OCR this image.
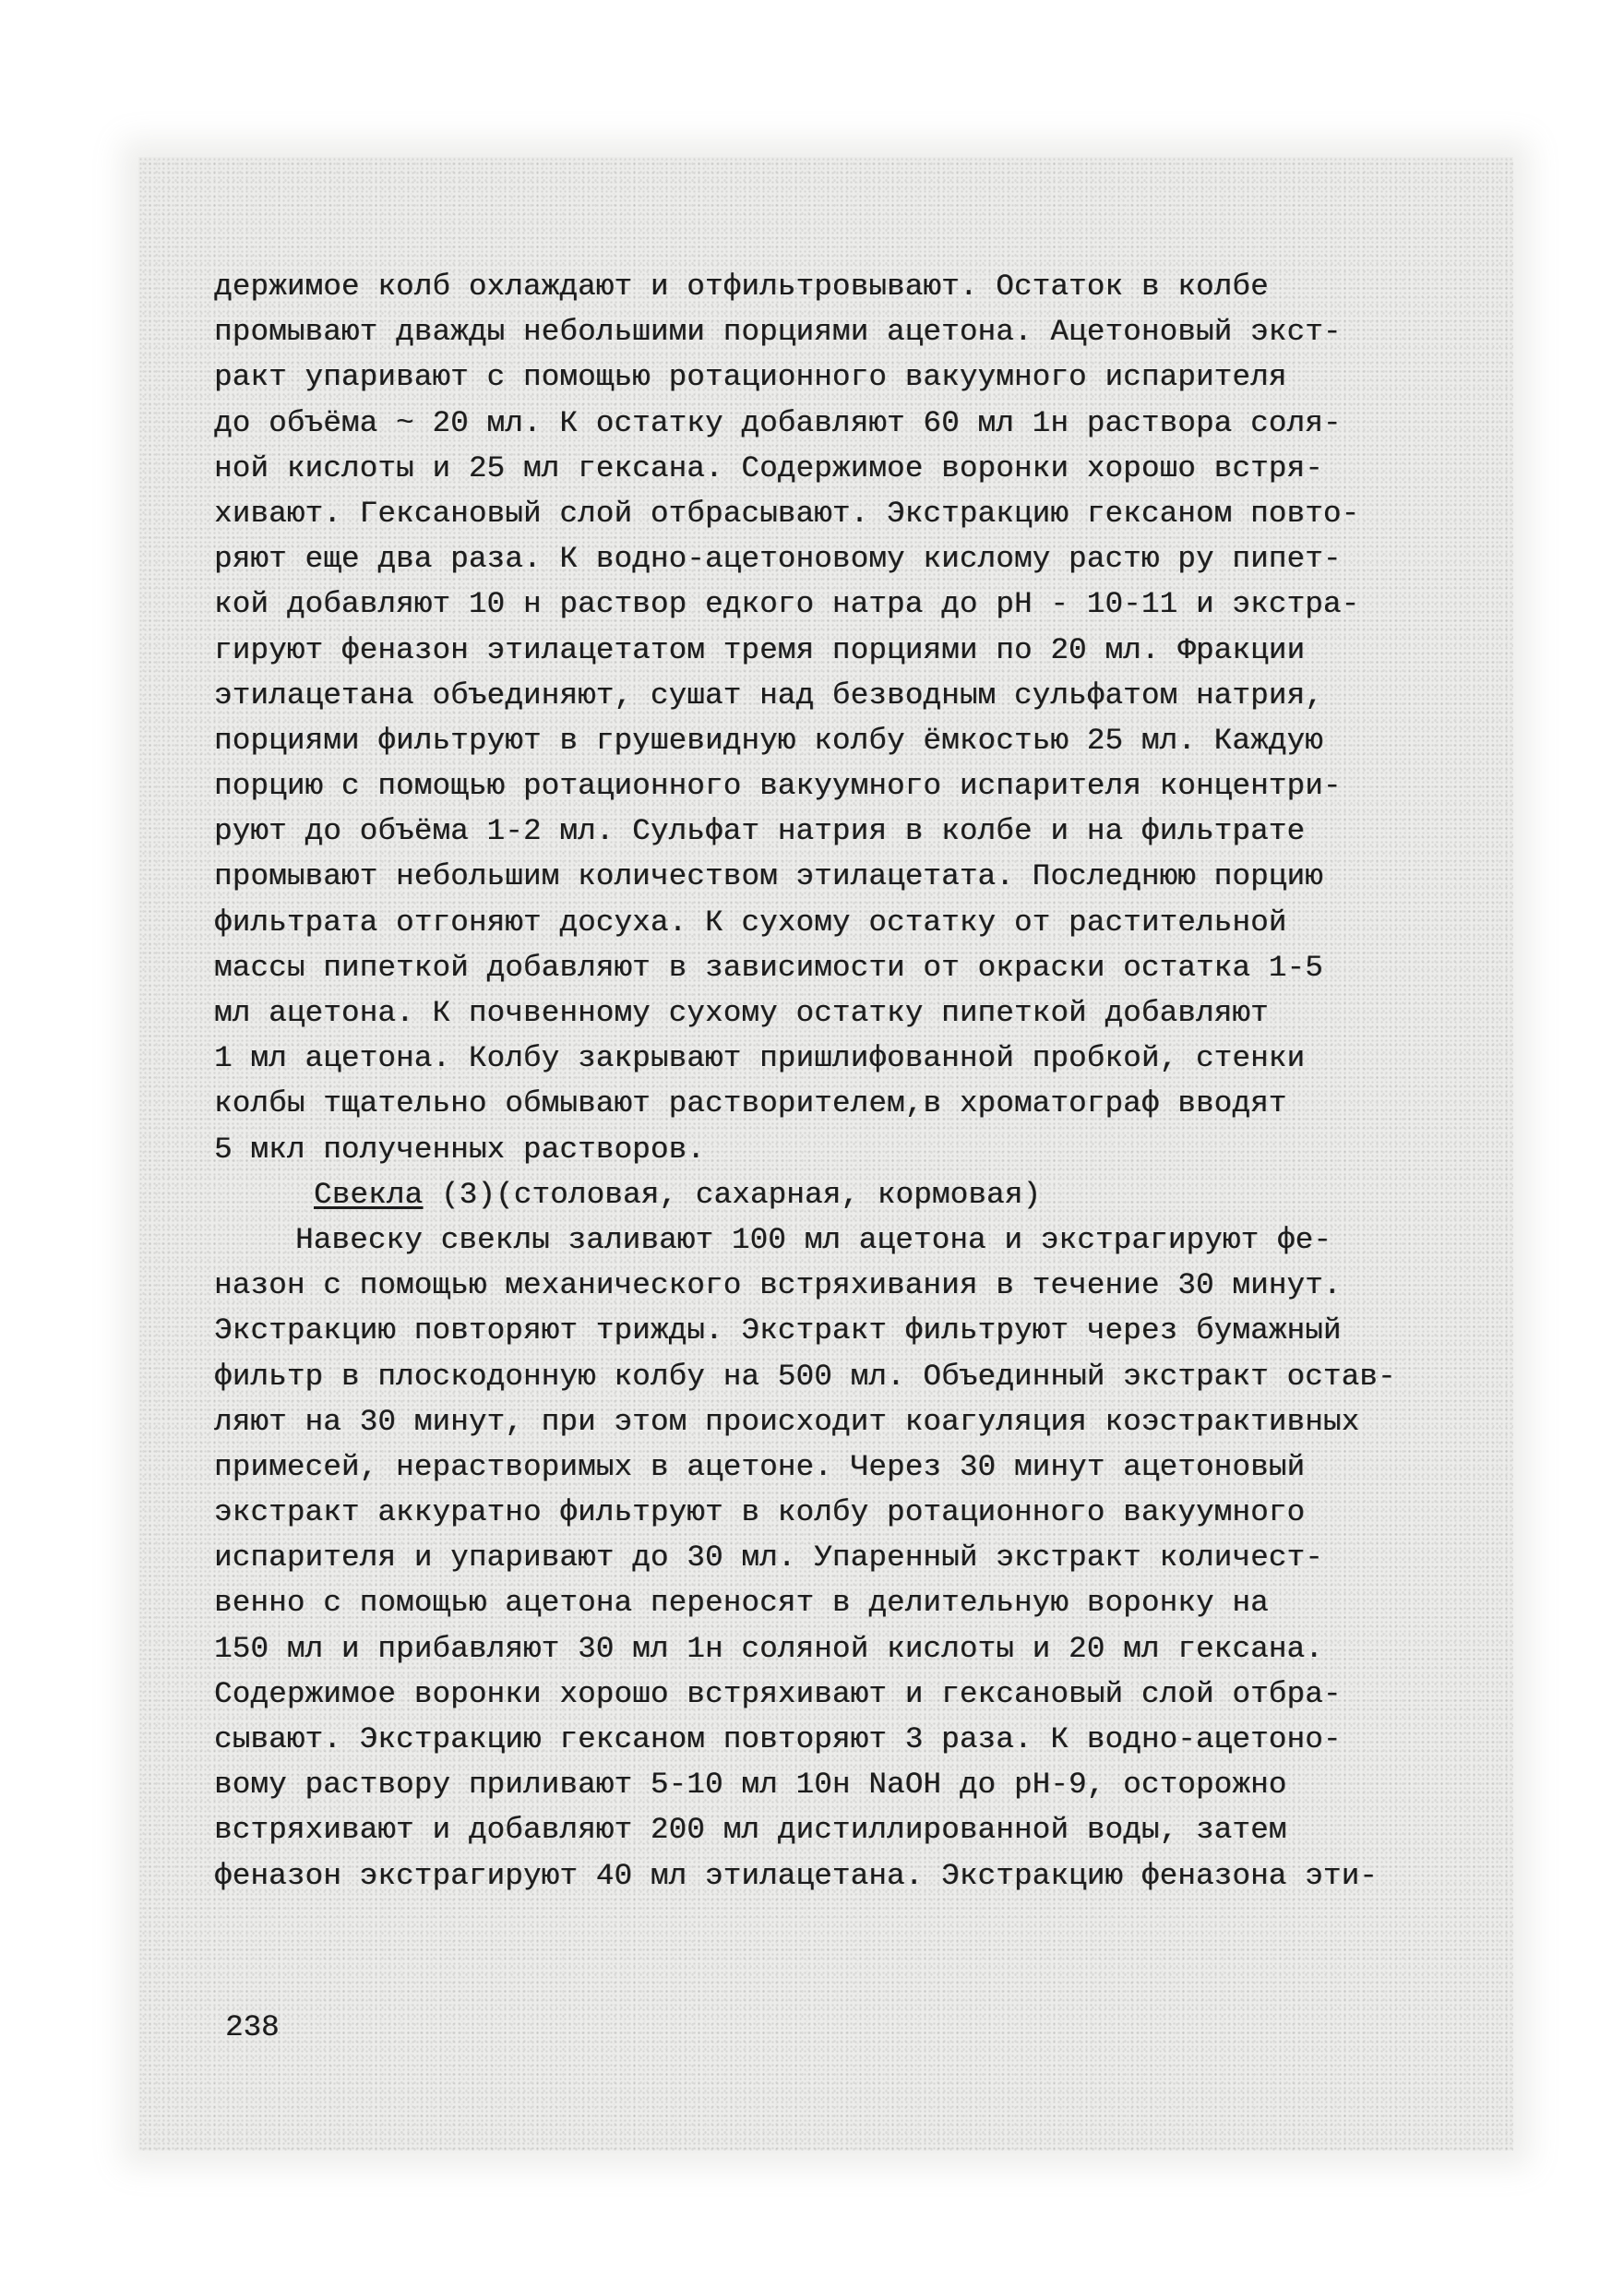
держимое колб охлаждают и отфильтровывают. Остаток в колбе
промывают дважды небольшими порциями ацетона. Ацетоновый экст-
ракт упаривают с помощью ротационного вакуумного испарителя
до объёма ~ 20 мл. К остатку добавляют 60 мл 1н раствора соля-
ной кислоты и 25 мл гексана. Содержимое воронки хорошо встря-
хивают. Гексановый слой отбрасывают. Экстракцию гексаном повто-
ряют еще два раза. К водно-ацетоновому кислому растю ру пипет-
кой добавляют 10 н раствор едкого натра до pH - 10-11 и экстра-
гируют феназон этилацетатом тремя порциями по 20 мл. Фракции
этилацетана объединяют, сушат над безводным сульфатом натрия,
порциями фильтруют в грушевидную колбу ёмкостью 25 мл. Каждую
порцию с помощью ротационного вакуумного испарителя концентри-
руют до объёма 1-2 мл. Сульфат натрия в колбе и на фильтрате
промывают небольшим количеством этилацетата. Последнюю порцию
фильтрата отгоняют досуха. К сухому остатку от растительной
массы пипеткой добавляют в зависимости от окраски остатка 1-5
мл ацетона. К почвенному сухому остатку пипеткой добавляют
1 мл ацетона. Колбу закрывают пришлифованной пробкой, стенки
колбы тщательно обмывают растворителем,в хроматограф вводят
5 мкл полученных растворов.
Свекла (3)(столовая, сахарная, кормовая)
Навеску свеклы заливают 100 мл ацетона и экстрагируют фе-
назон с помощью механического встряхивания в течение 30 минут.
Экстракцию повторяют трижды. Экстракт фильтруют через бумажный
фильтр в плоскодонную колбу на 500 мл. Объединный экстракт остав-
ляют на 30 минут, при этом происходит коагуляция коэстрактивных
примесей, нерастворимых в ацетоне. Через 30 минут ацетоновый
экстракт аккуратно фильтруют в колбу ротационного вакуумного
испарителя и упаривают до 30 мл. Упаренный экстракт количест-
венно с помощью ацетона переносят в делительную воронку на
150 мл и прибавляют 30 мл 1н соляной кислоты и 20 мл гексана.
Содержимое воронки хорошо встряхивают и гексановый слой отбра-
сывают. Экстракцию гексаном повторяют 3 раза. К водно-ацетоно-
вому раствору приливают 5-10 мл 10н NaOH до pH-9, осторожно
встряхивают и добавляют 200 мл дистиллированной воды, затем
феназон экстрагируют 40 мл этилацетана. Экстракцию феназона эти-
238
